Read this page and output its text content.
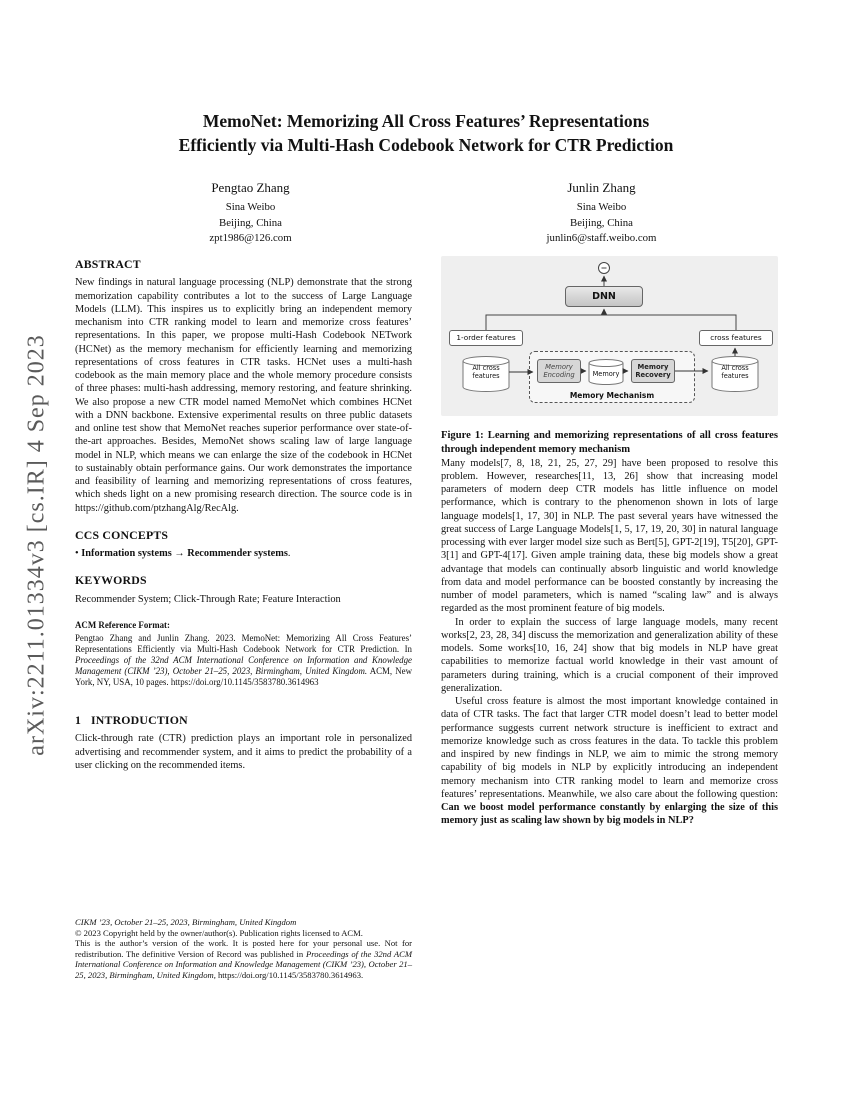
arXiv:2211.01334v3 [cs.IR] 4 Sep 2023
MemoNet: Memorizing All Cross Features’ Representations
Efficiently via Multi-Hash Codebook Network for CTR Prediction
Pengtao Zhang
Sina Weibo
Beijing, China
zpt1986@126.com
Junlin Zhang
Sina Weibo
Beijing, China
junlin6@staff.weibo.com
ABSTRACT

New findings in natural language processing (NLP) demonstrate that the strong memorization capability contributes a lot to the success of Large Language Models (LLM). This inspires us to explicitly bring an independent memory mechanism into CTR ranking model to learn and memorize cross features’ representations. In this paper, we propose multi-Hash Codebook NETwork (HCNet) as the memory mechanism for efficiently learning and memorizing representations of cross features in CTR tasks. HCNet uses a multi-hash codebook as the main memory place and the whole memory procedure consists of three phases: multi-hash addressing, memory restoring, and feature shrinking. We also propose a new CTR model named MemoNet which combines HCNet with a DNN backbone. Extensive experimental results on three public datasets and online test show that MemoNet reaches superior performance over state-of-the-art approaches. Besides, MemoNet shows scaling law of large language model in NLP, which means we can enlarge the size of the codebook in HCNet to sustainably obtain performance gains. Our work demonstrates the importance and feasibility of learning and memorizing representations of cross features, which sheds light on a new promising research direction. The source code is in https://github.com/ptzhangAlg/RecAlg.

CCS CONCEPTS

• Information systems → Recommender systems.

KEYWORDS

Recommender System; Click-Through Rate; Feature Interaction

ACM Reference Format:

Pengtao Zhang and Junlin Zhang. 2023. MemoNet: Memorizing All Cross Features’ Representations Efficiently via Multi-Hash Codebook Network for CTR Prediction. In Proceedings of the 32nd ACM International Conference on Information and Knowledge Management (CIKM ’23), October 21–25, 2023, Birmingham, United Kingdom. ACM, New York, NY, USA, 10 pages. https://doi.org/10.1145/3583780.3614963

1 INTRODUCTION

Click-through rate (CTR) prediction plays an important role in personalized advertising and recommender system, and it aims to predict the probability of a user clicking on the recommended items.

CIKM ’23, October 21–25, 2023, Birmingham, United Kingdom
© 2023 Copyright held by the owner/author(s). Publication rights licensed to ACM.
This is the author’s version of the work. It is posted here for your personal use. Not for redistribution. The definitive Version of Record was published in Proceedings of the 32nd ACM International Conference on Information and Knowledge Management (CIKM ’23), October 21–25, 2023, Birmingham, United Kingdom, https://doi.org/10.1145/3583780.3614963.
DNN
1-order features	cross features
Memory Encoding
Memory Recovery
Memory Mechanism
All cross features
All cross features
Memory
Figure 1: Learning and memorizing representations of all cross features through independent memory mechanism

Many models[7, 8, 18, 21, 25, 27, 29] have been proposed to resolve this problem. However, researches[11, 13, 26] show that increasing model parameters of modern deep CTR models has little influence on model performance, which is contrary to the phenomenon shown in lots of large language models[1, 17, 30] in NLP. The past several years have witnessed the great success of Large Language Models[1, 5, 17, 19, 20, 30] in natural language processing with ever larger model size such as Bert[5], GPT-2[19], T5[20], GPT-3[1] and GPT-4[17]. Given ample training data, these big models show a great advantage that models can continually absorb linguistic and world knowledge from data and model performance can be boosted constantly by increasing the number of model parameters, which is named “scaling law” and is always regarded as the most prominent feature of big models.

In order to explain the success of large language models, many recent works[2, 23, 28, 34] discuss the memorization and generalization ability of these models. Some works[10, 16, 24] show that big models in NLP have great capabilities to memorize factual world knowledge in their vast amount of parameters during training, which is a crucial component of their improved generalization.

Useful cross feature is almost the most important knowledge contained in data of CTR tasks. The fact that larger CTR model doesn’t lead to better model performance suggests current network structure is inefficient to extract and memorize knowledge such as cross features in the data. To tackle this problem and inspired by new findings in NLP, we aim to mimic the strong memory capability of big models in NLP by explicitly introducing an independent memory mechanism into CTR ranking model to learn and memorize cross features’ representations. Meanwhile, we also care about the following question: Can we boost model performance constantly by enlarging the size of this memory just as scaling law shown by big models in NLP?
